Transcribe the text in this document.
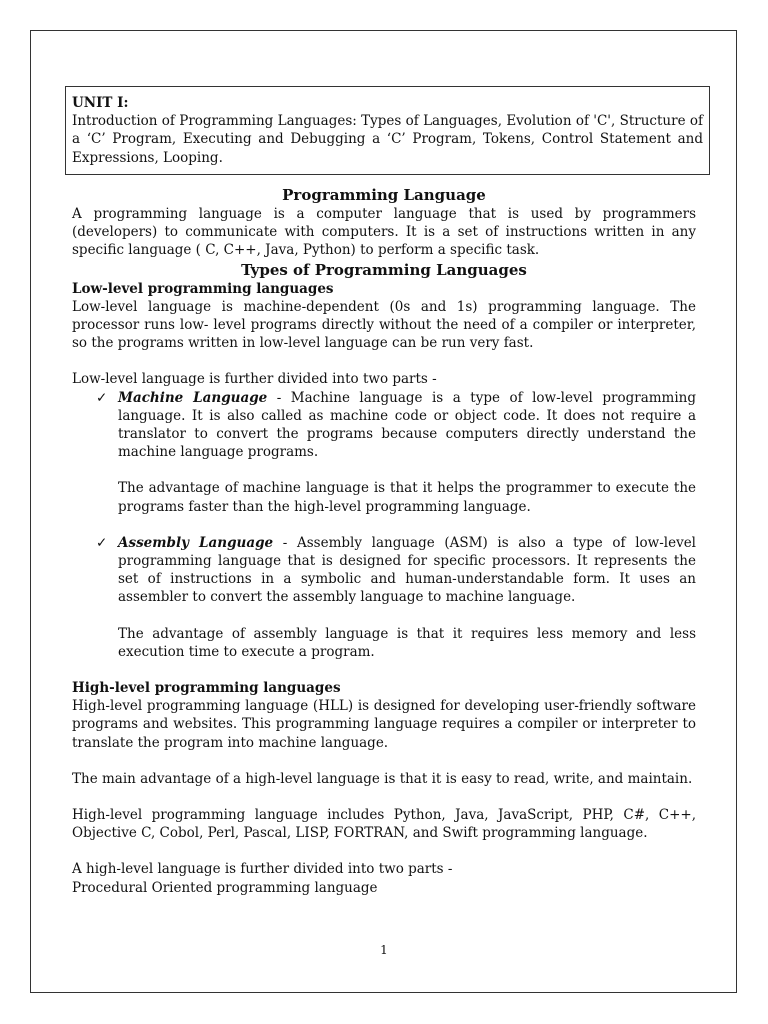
UNIT I:

Introduction of Programming Languages: Types of Languages, Evolution of 'C', Structure of a ‘C’ Program, Executing and Debugging a ‘C’ Program, Tokens, Control Statement and Expressions, Looping.

Programming Language

A programming language is a computer language that is used by programmers (developers) to communicate with computers. It is a set of instructions written in any specific language ( C, C++, Java, Python) to perform a specific task.

Types of Programming Languages
Low-level programming languages

Low-level language is machine-dependent (0s and 1s) programming language. The processor runs low- level programs directly without the need of a compiler or interpreter, so the programs written in low-level language can be run very fast.

Low-level language is further divided into two parts -

✓ Machine Language - Machine language is a type of low-level programming language. It is also called as machine code or object code. It does not require a translator to convert the programs because computers directly understand the machine language programs.

The advantage of machine language is that it helps the programmer to execute the programs faster than the high-level programming language.

✓ Assembly Language - Assembly language (ASM) is also a type of low-level programming language that is designed for specific processors. It represents the set of instructions in a symbolic and human-understandable form. It uses an assembler to convert the assembly language to machine language.

The advantage of assembly language is that it requires less memory and less execution time to execute a program.

High-level programming languages

High-level programming language (HLL) is designed for developing user-friendly software programs and websites. This programming language requires a compiler or interpreter to translate the program into machine language.

The main advantage of a high-level language is that it is easy to read, write, and maintain.

High-level programming language includes Python, Java, JavaScript, PHP, C#, C++, Objective C, Cobol, Perl, Pascal, LISP, FORTRAN, and Swift programming language.

A high-level language is further divided into two parts -

Procedural Oriented programming language

1
